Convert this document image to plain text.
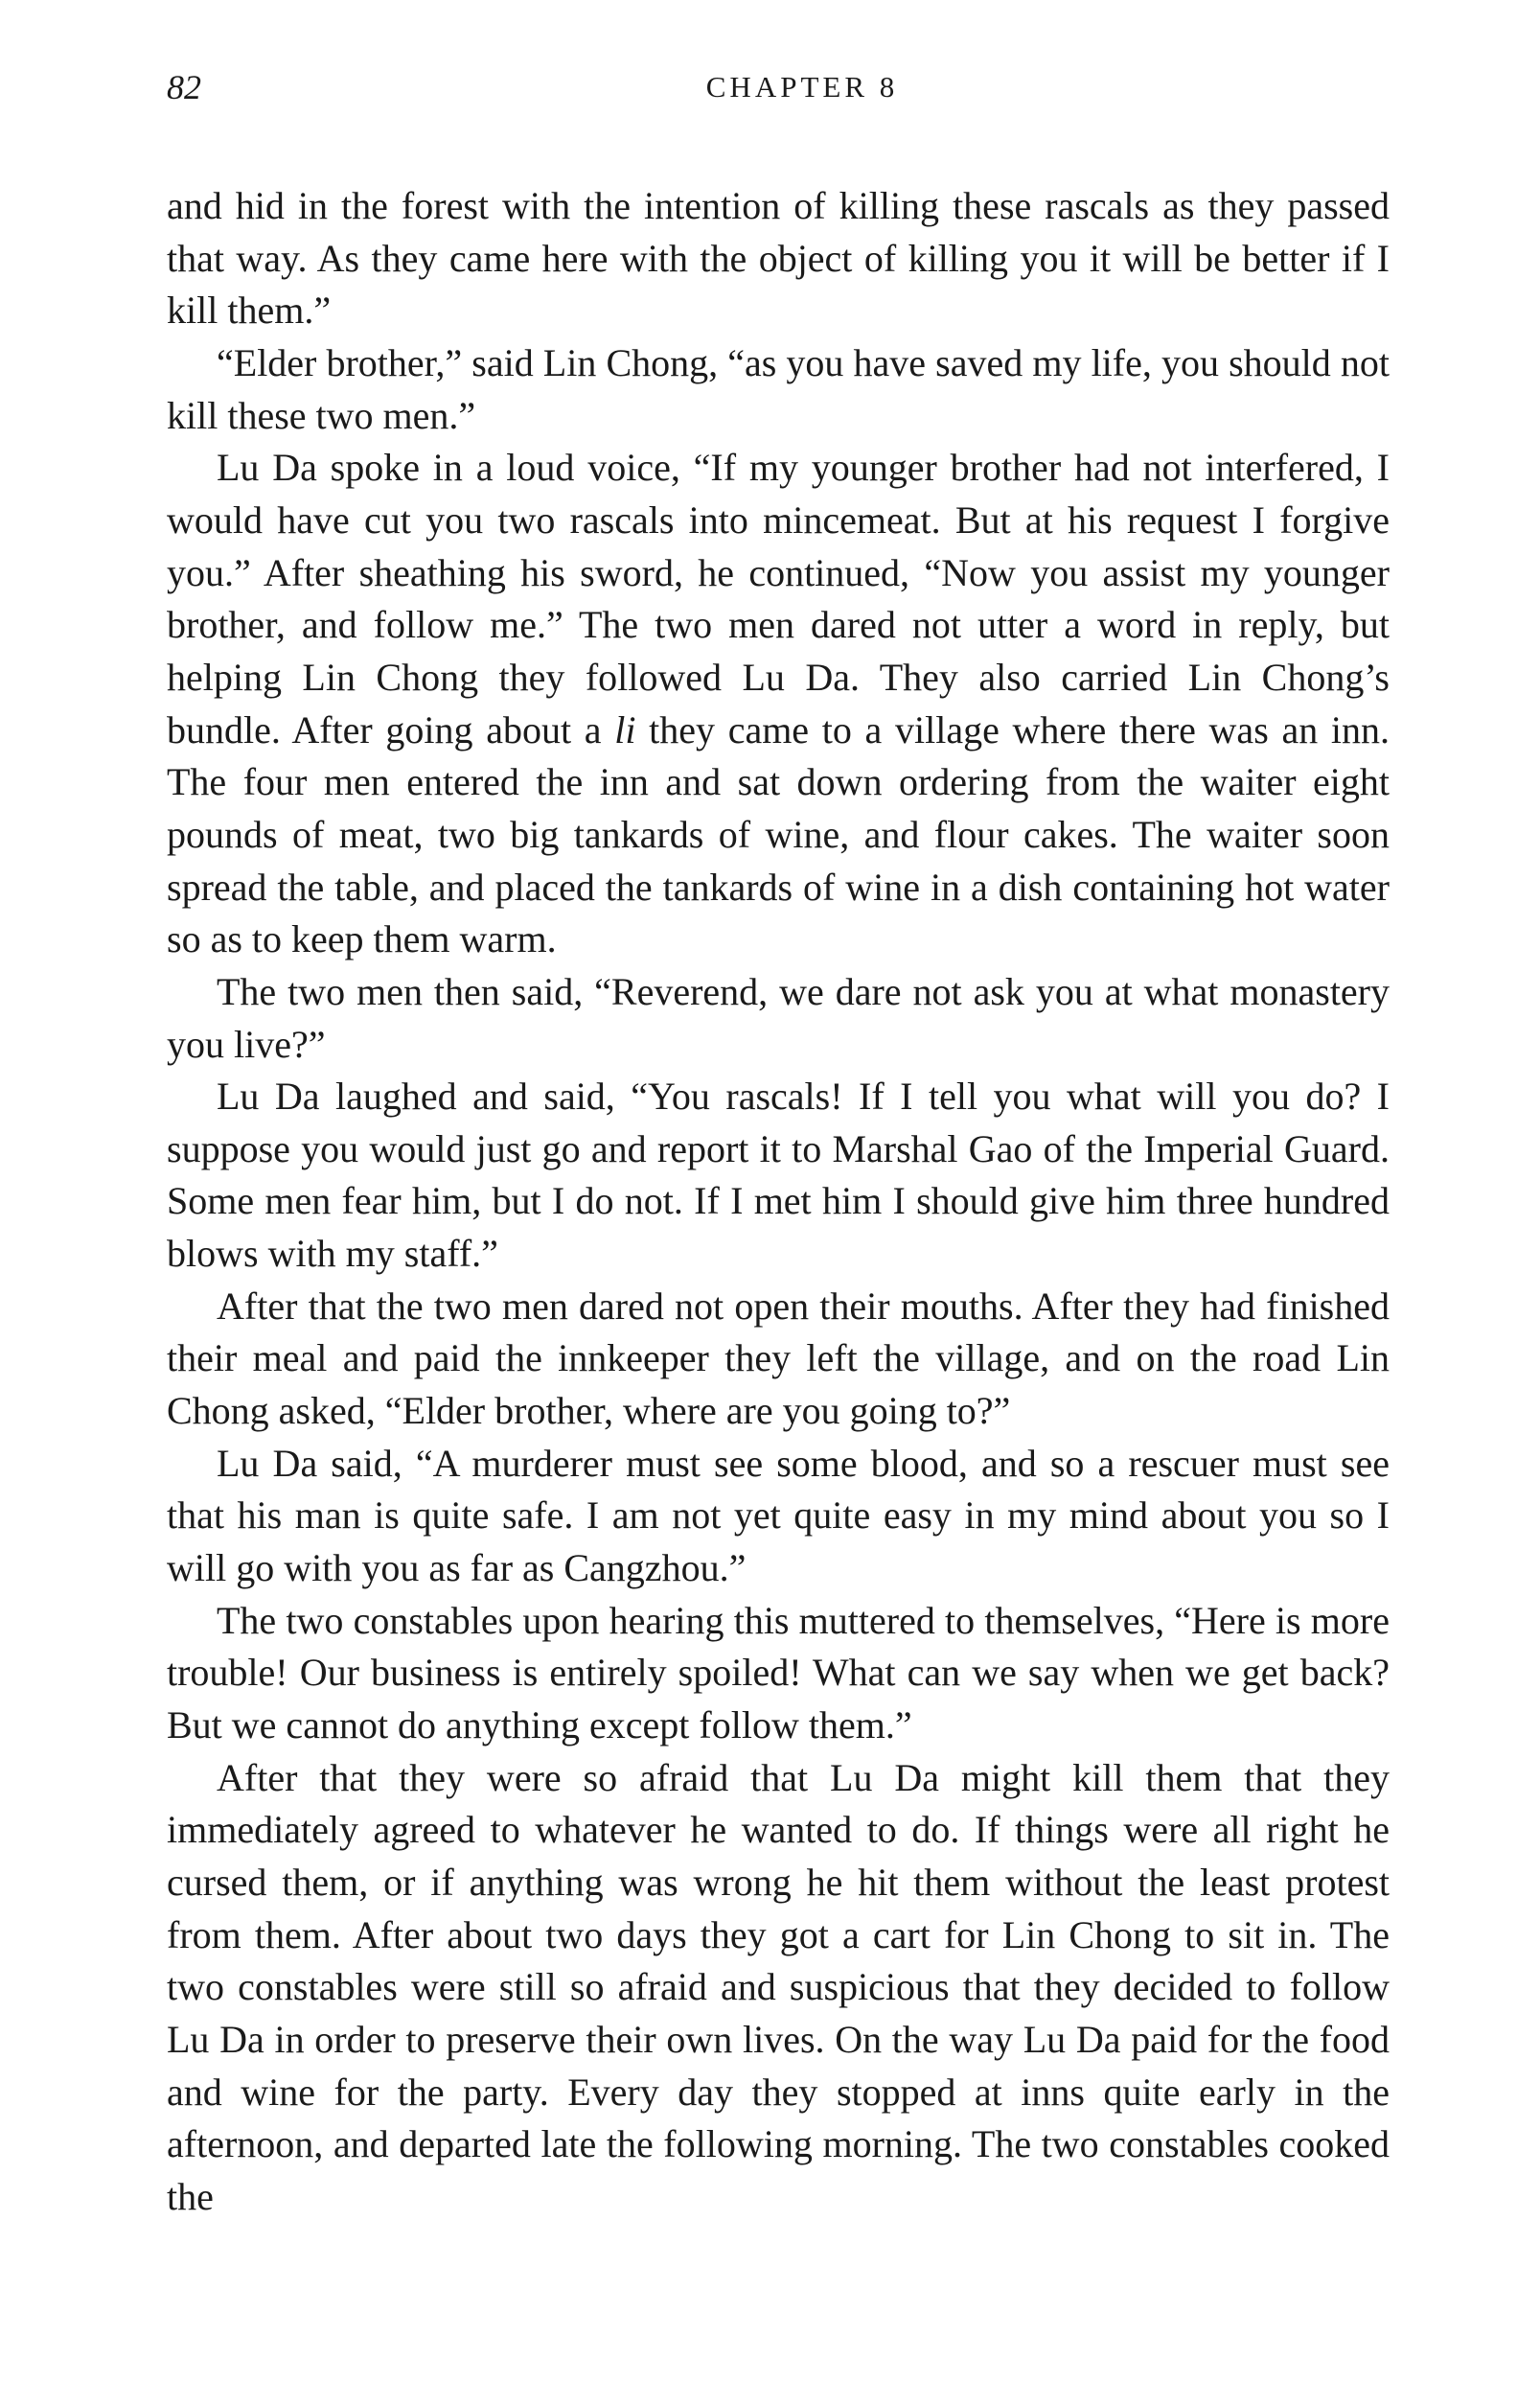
82	CHAPTER 8

and hid in the forest with the intention of killing these rascals as they passed that way. As they came here with the object of killing you it will be better if I kill them.”

“Elder brother,” said Lin Chong, “as you have saved my life, you should not kill these two men.”

Lu Da spoke in a loud voice, “If my younger brother had not interfered, I would have cut you two rascals into mincemeat. But at his request I forgive you.” After sheathing his sword, he continued, “Now you assist my younger brother, and follow me.” The two men dared not utter a word in reply, but helping Lin Chong they followed Lu Da. They also carried Lin Chong’s bundle. After going about a li they came to a village where there was an inn. The four men entered the inn and sat down ordering from the waiter eight pounds of meat, two big tankards of wine, and flour cakes. The waiter soon spread the table, and placed the tankards of wine in a dish containing hot water so as to keep them warm.

The two men then said, “Reverend, we dare not ask you at what monastery you live?”

Lu Da laughed and said, “You rascals! If I tell you what will you do? I suppose you would just go and report it to Marshal Gao of the Imperial Guard. Some men fear him, but I do not. If I met him I should give him three hundred blows with my staff.”

After that the two men dared not open their mouths. After they had finished their meal and paid the innkeeper they left the village, and on the road Lin Chong asked, “Elder brother, where are you going to?”

Lu Da said, “A murderer must see some blood, and so a rescuer must see that his man is quite safe. I am not yet quite easy in my mind about you so I will go with you as far as Cangzhou.”

The two constables upon hearing this muttered to themselves, “Here is more trouble! Our business is entirely spoiled! What can we say when we get back? But we cannot do anything except follow them.”

After that they were so afraid that Lu Da might kill them that they immediately agreed to whatever he wanted to do. If things were all right he cursed them, or if anything was wrong he hit them without the least protest from them. After about two days they got a cart for Lin Chong to sit in. The two constables were still so afraid and suspicious that they decided to follow Lu Da in order to preserve their own lives. On the way Lu Da paid for the food and wine for the party. Every day they stopped at inns quite early in the afternoon, and departed late the following morning. The two constables cooked the
